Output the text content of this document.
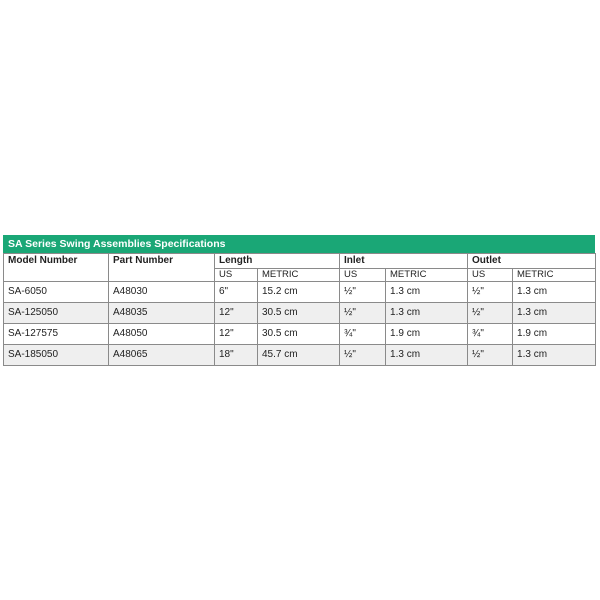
SA Series Swing Assemblies Specifications
Model Number	Part Number	Length		Inlet		Outlet	
		US	METRIC	US	METRIC	US	METRIC
SA-6050	A48030	6"	15.2 cm	½"	1.3 cm	½"	1.3 cm
SA-125050	A48035	12"	30.5 cm	½"	1.3 cm	½"	1.3 cm
SA-127575	A48050	12"	30.5 cm	¾"	1.9 cm	¾"	1.9 cm
SA-185050	A48065	18"	45.7 cm	½"	1.3 cm	½"	1.3 cm
